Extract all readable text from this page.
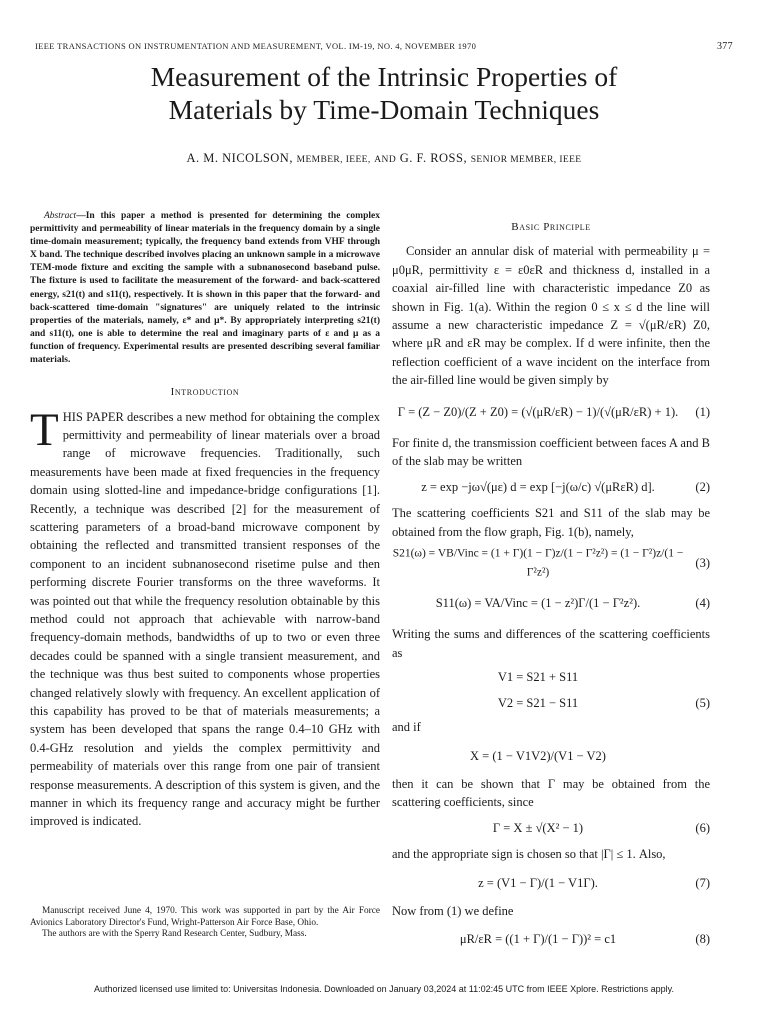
IEEE TRANSACTIONS ON INSTRUMENTATION AND MEASUREMENT, VOL. IM-19, NO. 4, NOVEMBER 1970	377
Measurement of the Intrinsic Properties of
Materials by Time-Domain Techniques
A. M. NICOLSON, MEMBER, IEEE, AND G. F. ROSS, SENIOR MEMBER, IEEE

Abstract—In this paper a method is presented for determining the complex permittivity and permeability of linear materials in the frequency domain by a single time-domain measurement; typically, the frequency band extends from VHF through X band. The technique described involves placing an unknown sample in a microwave TEM-mode fixture and exciting the sample with a subnanosecond baseband pulse. The fixture is used to facilitate the measurement of the forward- and back-scattered energy, s21(t) and s11(t), respectively. It is shown in this paper that the forward- and back-scattered time-domain "signatures" are uniquely related to the intrinsic properties of the materials, namely, ε* and μ*. By appropriately interpreting s21(t) and s11(t), one is able to determine the real and imaginary parts of ε and μ as a function of frequency. Experimental results are presented describing several familiar materials.

Introduction

THIS PAPER describes a new method for obtaining the complex permittivity and permeability of linear materials over a broad range of microwave frequencies. Traditionally, such measurements have been made at fixed frequencies in the frequency domain using slotted-line and impedance-bridge configurations [1]. Recently, a technique was described [2] for the measurement of scattering parameters of a broad-band microwave component by obtaining the reflected and transmitted transient responses of the component to an incident subnanosecond risetime pulse and then performing discrete Fourier transforms on the three waveforms. It was pointed out that while the frequency resolution obtainable by this method could not approach that achievable with narrow-band frequency-domain methods, bandwidths of up to two or even three decades could be spanned with a single transient measurement, and the technique was thus best suited to components whose properties changed relatively slowly with frequency. An excellent application of this capability has proved to be that of materials measurements; a system has been developed that spans the range 0.4–10 GHz with 0.4-GHz resolution and yields the complex permittivity and permeability of materials over this range from one pair of transient response measurements. A description of this system is given, and the manner in which its frequency range and accuracy might be further improved is indicated.

Manuscript received June 4, 1970. This work was supported in part by the Air Force Avionics Laboratory Director's Fund, Wright-Patterson Air Force Base, Ohio.

The authors are with the Sperry Rand Research Center, Sudbury, Mass.

Basic Principle

Consider an annular disk of material with permeability μ = μ0μR, permittivity ε = ε0εR and thickness d, installed in a coaxial air-filled line with characteristic impedance Z0 as shown in Fig. 1(a). Within the region 0 ≤ x ≤ d the line will assume a new characteristic impedance Z = √(μR/εR) Z0, where μR and εR may be complex. If d were infinite, then the reflection coefficient of a wave incident on the interface from the air-filled line would be given simply by

Γ = (Z − Z0)/(Z + Z0) = (√(μR/εR) − 1)/(√(μR/εR) + 1).	(1)

For finite d, the transmission coefficient between faces A and B of the slab may be written

z = exp −jω√(με) d = exp [−j(ω/c) √(μRεR) d].	(2)

The scattering coefficients S21 and S11 of the slab may be obtained from the flow graph, Fig. 1(b), namely,

S21(ω) = VB/Vinc = (1 + Γ)(1 − Γ)z/(1 − Γ²z²) = (1 − Γ²)z/(1 − Γ²z²)
(3)
S11(ω) = VA/Vinc = (1 − z²)Γ/(1 − Γ²z²).	(4)

Writing the sums and differences of the scattering coefficients as

V1 = S21 + S11
V2 = S21 − S11	(5)

and if

X = (1 − V1V2)/(V1 − V2)

then it can be shown that Γ may be obtained from the scattering coefficients, since

Γ = X ± √(X² − 1)	(6)

and the appropriate sign is chosen so that |Γ| ≤ 1. Also,

z = (V1 − Γ)/(1 − V1Γ).	(7)

Now from (1) we define

μR/εR = ((1 + Γ)/(1 − Γ))² = c1	(8)
Authorized licensed use limited to: Universitas Indonesia. Downloaded on January 03,2024 at 11:02:45 UTC from IEEE Xplore. Restrictions apply.
